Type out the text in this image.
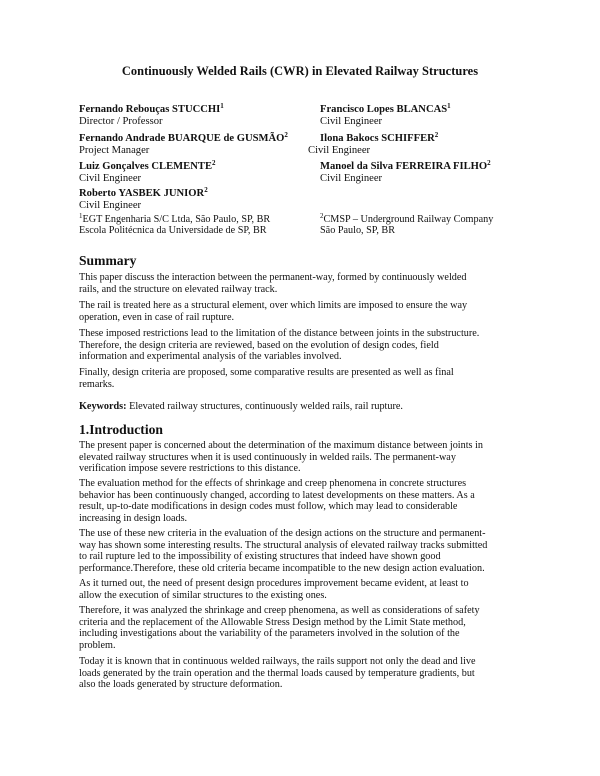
Continuously Welded Rails (CWR) in Elevated Railway Structures
Fernando Rebouças STUCCHI$^1$
Director / Professor
Francisco Lopes BLANCAS$^1$
Civil Engineer
Fernando Andrade BUARQUE de GUSMÃO$^2$
Project Manager
Ilona Bakocs SCHIFFER$^2$
Civil Engineer
Luiz Gonçalves CLEMENTE$^2$
Civil Engineer
Manoel da Silva FERREIRA FILHO$^2$
Civil Engineer
Roberto YASBEK JUNIOR$^2$
Civil Engineer
$^1$EGT Engenharia S/C Ltda, São Paulo, SP, BR
Escola Politécnica da Universidade de SP, BR
$^2$CMSP – Underground Railway Company
São Paulo, SP, BR
Summary

This paper discuss the interaction between the permanent-way, formed by continuously welded
rails, and the structure on elevated railway track.

The rail is treated here as a structural element, over which limits are imposed to ensure the way
operation, even in case of rail rupture.

These imposed restrictions lead to the limitation of the distance between joints in the substructure.
Therefore, the design criteria are reviewed, based on the evolution of design codes, field
information and experimental analysis of the variables involved.

Finally, design criteria are proposed, some comparative results are presented as well as final
remarks.

Keywords: Elevated railway structures, continuously welded rails, rail rupture.

1.Introduction

The present paper is concerned about the determination of the maximum distance between joints in
elevated railway structures when it is used continuously in welded rails. The permanent-way
verification impose severe restrictions to this distance.

The evaluation method for the effects of shrinkage and creep phenomena in concrete structures
behavior has been continuously changed, according to latest developments on these matters. As a
result, up-to-date modifications in design codes must follow, which may lead to considerable
increasing in design loads.

The use of these new criteria in the evaluation of the design actions on the structure and permanent-
way has shown some interesting results. The structural analysis of elevated railway tracks submitted
to rail rupture led to the impossibility of existing structures that indeed have shown good
performance.Therefore, these old criteria became incompatible to the new design action evaluation.

As it turned out, the need of present design procedures improvement became evident, at least to
allow the execution of similar structures to the existing ones.

Therefore, it was analyzed the shrinkage and creep phenomena, as well as considerations of safety
criteria and the replacement of the Allowable Stress Design method by the Limit State method,
including investigations about the variability of the parameters involved in the solution of the
problem.

Today it is known that in continuous welded railways, the rails support not only the dead and live
loads generated by the train operation and the thermal loads caused by temperature gradients, but
also the loads generated by structure deformation.
